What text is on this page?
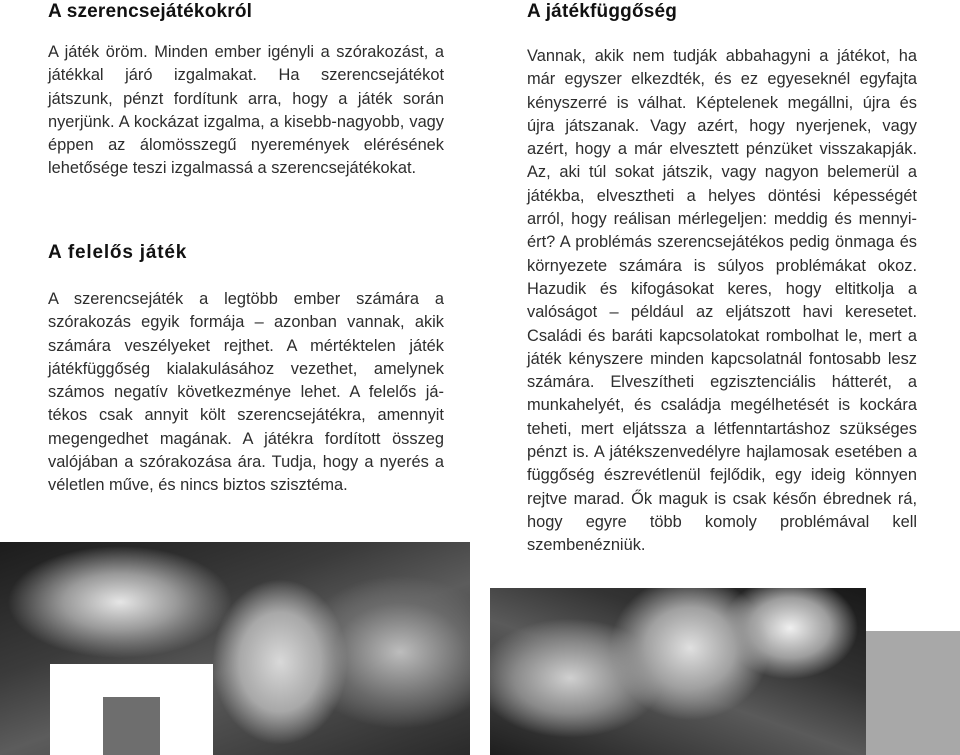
A szerencsejátékokról

A játék öröm. Minden ember igényli a szórakozást, a játékkal járó izgalmakat. Ha szerencsejátékot játszunk, pénzt fordítunk arra, hogy a játék során nyerjünk. A kockázat izgalma, a kisebb-nagyobb, vagy éppen az álomösszegű nyeremények elérésének lehetősége teszi izgalmassá a szerencsejátékokat.

A felelős játék

A szerencsejáték a legtöbb ember számára a szórakozás egyik formája – azonban vannak, akik számára veszélyeket rejthet. A mértéktelen játék játékfüggőség kialakulásához vezethet, amelynek számos negatív következménye lehet. A felelős játékos csak annyit költ szerencsejátékra, amennyit megengedhet magának. A játékra fordított összeg valójában a szórakozása ára. Tudja, hogy a nyerés a véletlen műve, és nincs biztos szisztéma.

A játékfüggőség

Vannak, akik nem tudják abbahagyni a játékot, ha már egyszer elkezdték, és ez egyeseknél egyfajta kényszerré is válhat. Képtelenek megállni, újra és újra játszanak. Vagy azért, hogy nyerjenek, vagy azért, hogy a már elvesztett pénzüket visszakapják. Az, aki túl sokat játszik, vagy nagyon belemerül a játékba, elvesztheti a helyes döntési képességét arról, hogy reálisan mérlegeljen: meddig és mennyiért? A problémás szerencsejátékos pedig önmaga és környezete számára is súlyos problémákat okoz. Hazudik és kifogásokat keres, hogy eltitkolja a valóságot – például az eljátszott havi keresetet. Családi és baráti kapcsolatokat rombolhat le, mert a játék kényszere minden kapcsolatnál fontosabb lesz számára. Elveszítheti egzisztenciális hátterét, a munkahelyét, és családja megélhetését is kockára teheti, mert eljátssza a létfenntartáshoz szükséges pénzt is. A játékszenvedélyre hajlamosak esetében a függőség észrevétlenül fejlődik, egy ideig könnyen rejtve marad. Ők maguk is csak későn ébrednek rá, hogy egyre több komoly problémával kell szembenézniük.
